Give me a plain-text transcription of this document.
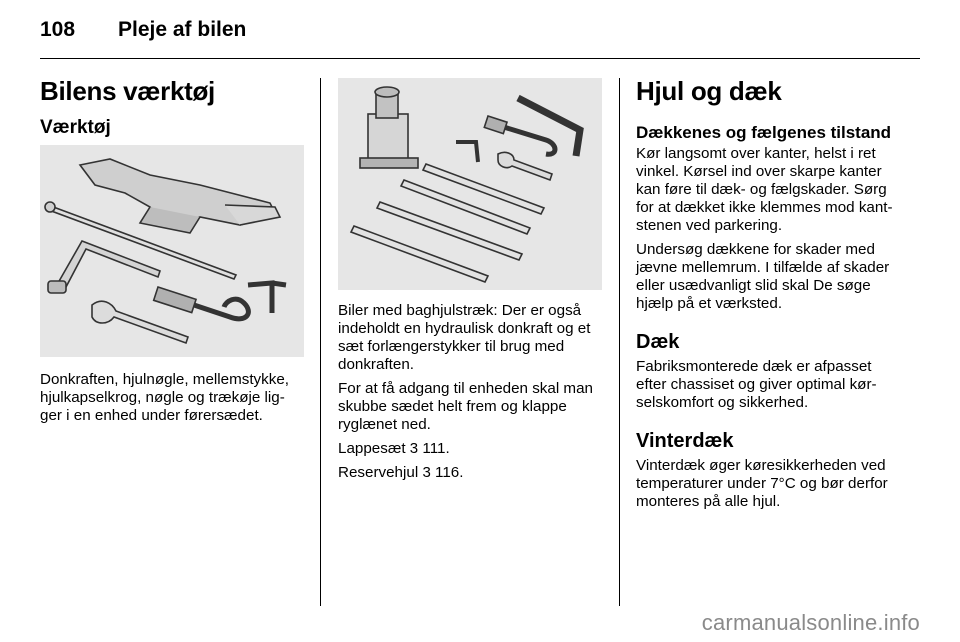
108 Pleje af bilen
Bilens værktøj
Værktøj

Donkraften, hjulnøgle, mellemstykke, hjulkapselkrog, nøgle og trækøje lig- ger i en enhed under førersædet.

Biler med baghjulstræk: Der er også indeholdt en hydraulisk donkraft og et sæt forlængerstykker til brug med donkraften.

For at få adgang til enheden skal man skubbe sædet helt frem og klappe ryglænet ned.

Lappesæt 3 111.

Reservehjul 3 116.

Hjul og dæk
Dækkenes og fælgenes tilstand

Kør langsomt over kanter, helst i ret vinkel. Kørsel ind over skarpe kanter kan føre til dæk- og fælgskader. Sørg for at dækket ikke klemmes mod kant- stenen ved parkering.

Undersøg dækkene for skader med jævne mellemrum. I tilfælde af skader eller usædvanligt slid skal De søge hjælp på et værksted.

Dæk

Fabriksmonterede dæk er afpasset efter chassiset og giver optimal kør- selskomfort og sikkerhed.

Vinterdæk

Vinterdæk øger køresikkerheden ved temperaturer under 7°C og bør derfor monteres på alle hjul.

carmanualsonline.info
